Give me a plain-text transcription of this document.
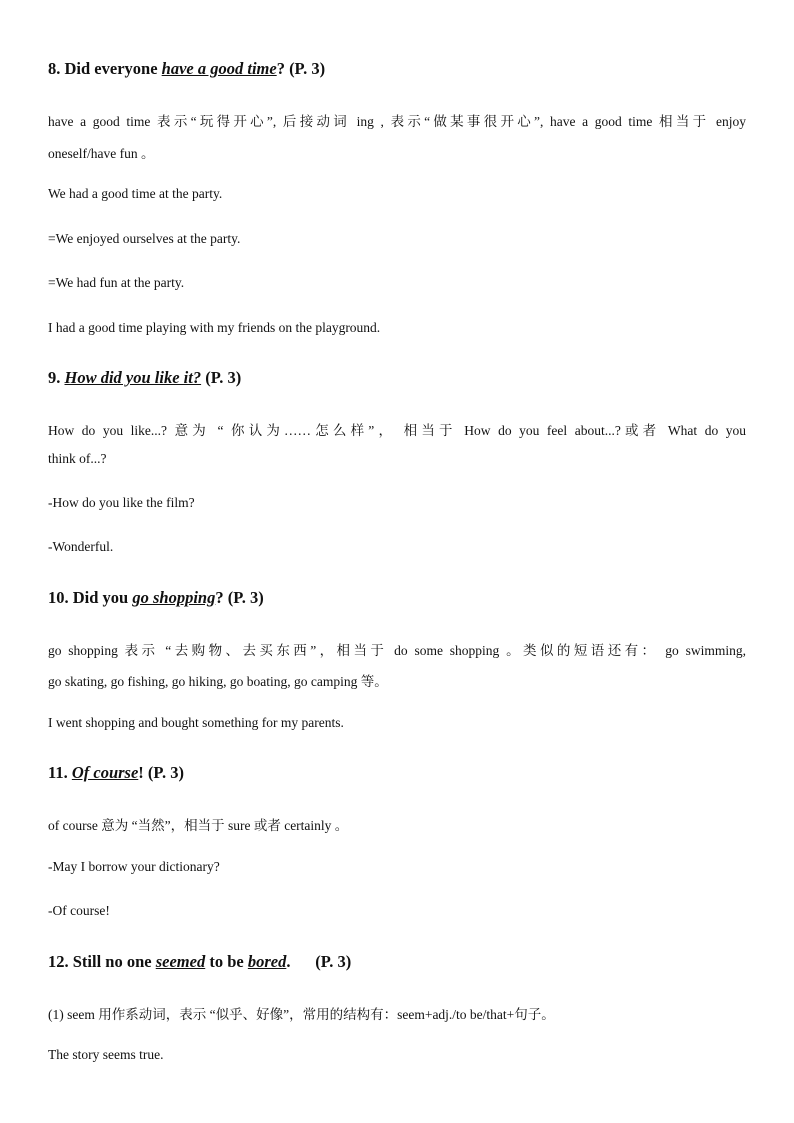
8. Did everyone have a good time? (P. 3)
have a good time 表示“玩得开心”, 后接动词 ing , 表示“做某事很开心”, have a good time 相当于 enjoy
oneself/have fun 。
We had a good time at the party.
=We enjoyed ourselves at the party.
=We had fun at the party.
I had a good time playing with my friends on the playground.
9. How did you like it? (P. 3)
How do you like...? 意为 “ 你认为……怎么样”， 相当于 How do you feel about...?或者 What do you
think of...?
-How do you like the film?
-Wonderful.
10. Did you go shopping? (P. 3)
go shopping 表示 “去购物、去买东西”，相当于 do some shopping 。类似的短语还有： go swimming,
go skating, go fishing, go hiking, go boating, go camping 等。
I went shopping and bought something for my parents.
11. Of course! (P. 3)
of course 意为 “当然”，相当于 sure 或者 certainly 。
-May I borrow your dictionary?
-Of course!
12. Still no one seemed to be bored.      (P. 3)
(1) seem 用作系动词，表示 “似乎、好像”，常用的结构有：seem+adj./to be/that+句子。
The story seems true.
